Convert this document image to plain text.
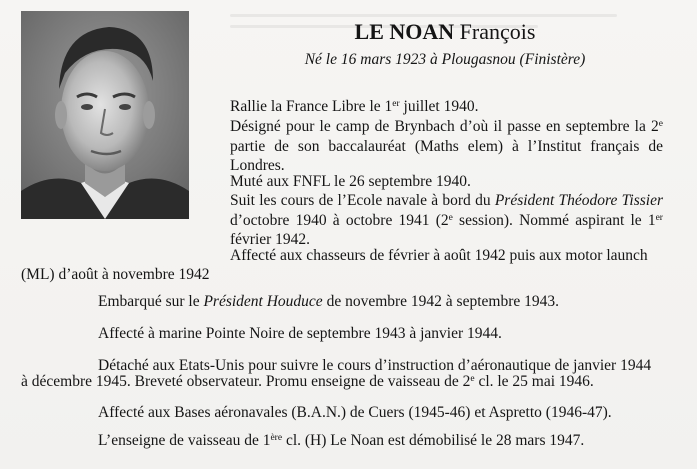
LE NOAN François
Né le 16 mars 1923 à Plougasnou (Finistère)

Rallie la France Libre le 1er juillet 1940.

Désigné pour le camp de Brynbach d’où il passe en septembre la 2e partie de son baccalauréat (Maths elem) à l’Institut français de Londres.

Muté aux FNFL le 26 septembre 1940.

Suit les cours de l’Ecole navale à bord du Président Théodore Tissier d’octobre 1940 à octobre 1941 (2e session). Nommé aspirant le 1er février 1942.

Affecté aux chasseurs de février à août 1942 puis aux motor launch

(ML) d’août à novembre 1942

Embarqué sur le Président Houduce de novembre 1942 à septembre 1943.

Affecté à marine Pointe Noire de septembre 1943 à janvier 1944.

Détaché aux Etats-Unis pour suivre le cours d’instruction d’aéronautique de janvier 1944

à décembre 1945. Breveté observateur. Promu enseigne de vaisseau de 2e cl. le 25 mai 1946.

Affecté aux Bases aéronavales (B.A.N.) de Cuers (1945-46) et Aspretto (1946-47).

L’enseigne de vaisseau de 1ère cl. (H) Le Noan est démobilisé le 28 mars 1947.
